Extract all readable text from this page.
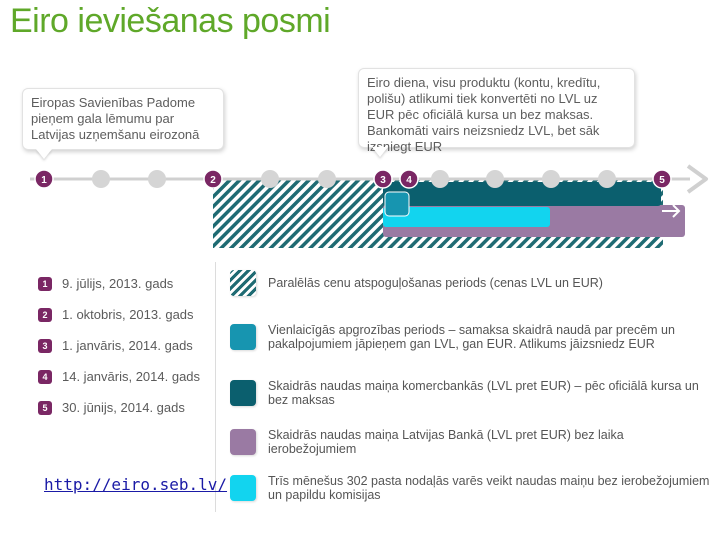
Eiro ieviešanas posmi
Eiropas Savienības Padome pieņem gala lēmumu par Latvijas uzņemšanu eirozonā
Eiro diena, visu produktu (kontu, kredītu, polišu) atlikumi tiek konvertēti no LVL uz EUR pēc oficiālā kursa un bez maksas. Bankomāti vairs neizsniedz LVL, bet sāk izsniegt EUR
1	2	3 4	5
1	9. jūlijs, 2013. gads
2	1. oktobris, 2013. gads
3	1. janvāris, 2014. gads
4	14. janvāris, 2014. gads
5	30. jūnijs, 2014. gads
Paralēlās cenu atspoguļošanas periods (cenas LVL un EUR)
Vienlaicīgās apgrozības periods – samaksa skaidrā naudā par precēm un pakalpojumiem jāpieņem gan LVL, gan EUR. Atlikums jāizsniedz EUR
Skaidrās naudas maiņa komercbankās (LVL pret EUR) – pēc oficiālā kursa un bez maksas
Skaidrās naudas maiņa Latvijas Bankā (LVL pret EUR) bez laika ierobežojumiem
Trīs mēnešus 302 pasta nodaļās varēs veikt naudas maiņu bez ierobežojumiem un papildu komisijas
http://eiro.seb.lv/
